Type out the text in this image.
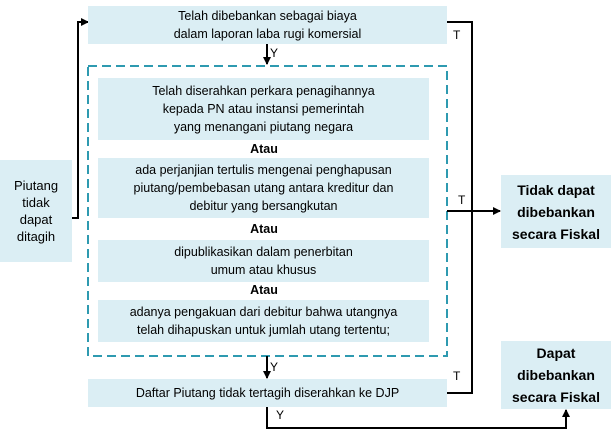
Telah dibebankan sebagai biaya
dalam laporan laba rugi komersial
Telah diserahkan perkara penagihannya
kepada PN atau instansi pemerintah
yang menangani piutang negara
Atau
ada perjanjian tertulis mengenai penghapusan
piutang/pembebasan utang antara kreditur dan
debitur yang bersangkutan
Atau
dipublikasikan dalam penerbitan
umum atau khusus
Atau
adanya pengakuan dari debitur bahwa utangnya
telah dihapuskan untuk jumlah utang tertentu;
Daftar Piutang tidak tertagih diserahkan ke DJP
Piutang
tidak
dapat
ditagih
Tidak dapat
dibebankan
secara Fiskal
Dapat
dibebankan
secara Fiskal
Y
T
T
Y
T
Y
